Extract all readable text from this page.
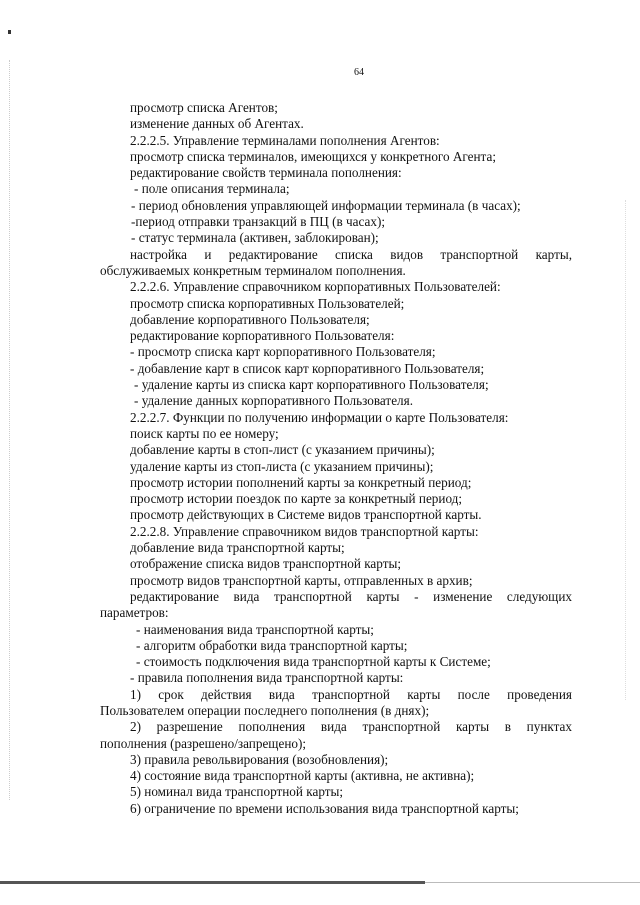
64
просмотр списка Агентов;
изменение данных об Агентах.
2.2.2.5. Управление терминалами пополнения Агентов:
просмотр списка терминалов, имеющихся у конкретного Агента;
редактирование свойств терминала пополнения:
- поле описания терминала;
- период обновления управляющей информации терминала (в часах);
-период отправки транзакций в ПЦ (в часах);
- статус терминала (активен, заблокирован);
настройка и редактирование списка видов транспортной карты,
обслуживаемых конкретным терминалом пополнения.
2.2.2.6. Управление справочником корпоративных Пользователей:
просмотр списка корпоративных Пользователей;
добавление корпоративного Пользователя;
редактирование корпоративного Пользователя:
- просмотр списка карт корпоративного Пользователя;
- добавление карт в список карт корпоративного Пользователя;
- удаление карты из списка карт корпоративного Пользователя;
- удаление данных корпоративного Пользователя.
2.2.2.7. Функции по получению информации о карте Пользователя:
поиск карты по ее номеру;
добавление карты в стоп-лист (с указанием причины);
удаление карты из стоп-листа (с указанием причины);
просмотр истории пополнений карты за конкретный период;
просмотр истории поездок по карте за конкретный период;
просмотр действующих в Системе видов транспортной карты.
2.2.2.8. Управление справочником видов транспортной карты:
добавление вида транспортной карты;
отображение списка видов транспортной карты;
просмотр видов транспортной карты, отправленных в архив;
редактирование вида транспортной карты - изменение следующих
параметров:
- наименования вида транспортной карты;
- алгоритм обработки вида транспортной карты;
- стоимость подключения вида транспортной карты к Системе;
- правила пополнения вида транспортной карты:
1) срок действия вида транспортной карты после проведения
Пользователем операции последнего пополнения (в днях);
2) разрешение пополнения вида транспортной карты в пунктах
пополнения (разрешено/запрещено);
3) правила револьвирования (возобновления);
4) состояние вида транспортной карты (активна, не активна);
5) номинал вида транспортной карты;
6) ограничение по времени использования вида транспортной карты;
